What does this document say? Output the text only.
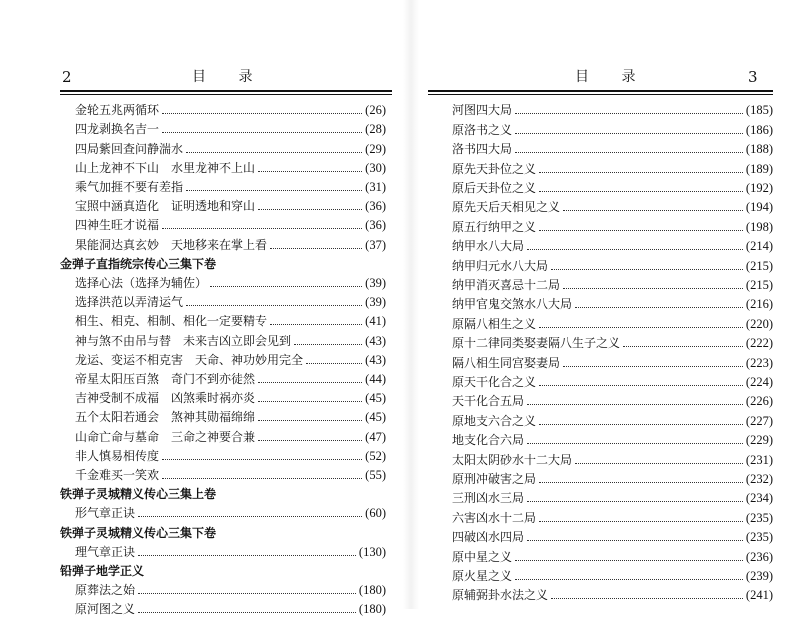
2	目 录
金轮五兆两循环	(26)
四龙剥换名吉一	(28)
四局紫回查问静湍水	(29)
山上龙神不下山　水里龙神不上山	(30)
乘气加捱不要有差指	(31)
宝照中涵真造化　证明透地和穿山	(36)
四神生旺才说福	(36)
果能洞达真玄妙　天地移来在掌上看	(37)
金弹子直指统宗传心三集下卷
选择心法（选择为辅佐）	(39)
选择洪范以弄清运气	(39)
相生、相克、相制、相化一定要精专	(41)
神与煞不由吊与替　未来吉凶立即会见到	(43)
龙运、变运不相克害　天命、神功妙用完全	(43)
帝星太阳压百煞　奇门不到亦徒然	(44)
吉神受制不成福　凶煞乘时祸亦炎	(45)
五个太阳若通会　煞神其勋福绵绵	(45)
山命亡命与墓命　三命之神要合兼	(47)
非人慎易相传度	(52)
千金难买一笑欢	(55)
铁弹子灵城精义传心三集上卷
形气章正诀	(60)
铁弹子灵城精义传心三集下卷
理气章正诀	(130)
铅弹子地学正义
原葬法之始	(180)
原河图之义	(180)
目 录	3
河图四大局	(185)
原洛书之义	(186)
洛书四大局	(188)
原先天卦位之义	(189)
原后天卦位之义	(192)
原先天后天相见之义	(194)
原五行纳甲之义	(198)
纳甲水八大局	(214)
纳甲归元水八大局	(215)
纳甲消灭喜忌十二局	(215)
纳甲官鬼交煞水八大局	(216)
原隔八相生之义	(220)
原十二律同类娶妻隔八生子之义	(222)
隔八相生同宫娶妻局	(223)
原天干化合之义	(224)
天干化合五局	(226)
原地支六合之义	(227)
地支化合六局	(229)
太阳太阴砂水十二大局	(231)
原刑冲破害之局	(232)
三刑凶水三局	(234)
六害凶水十二局	(235)
四破凶水四局	(235)
原中星之义	(236)
原火星之义	(239)
原辅弼卦水法之义	(241)
